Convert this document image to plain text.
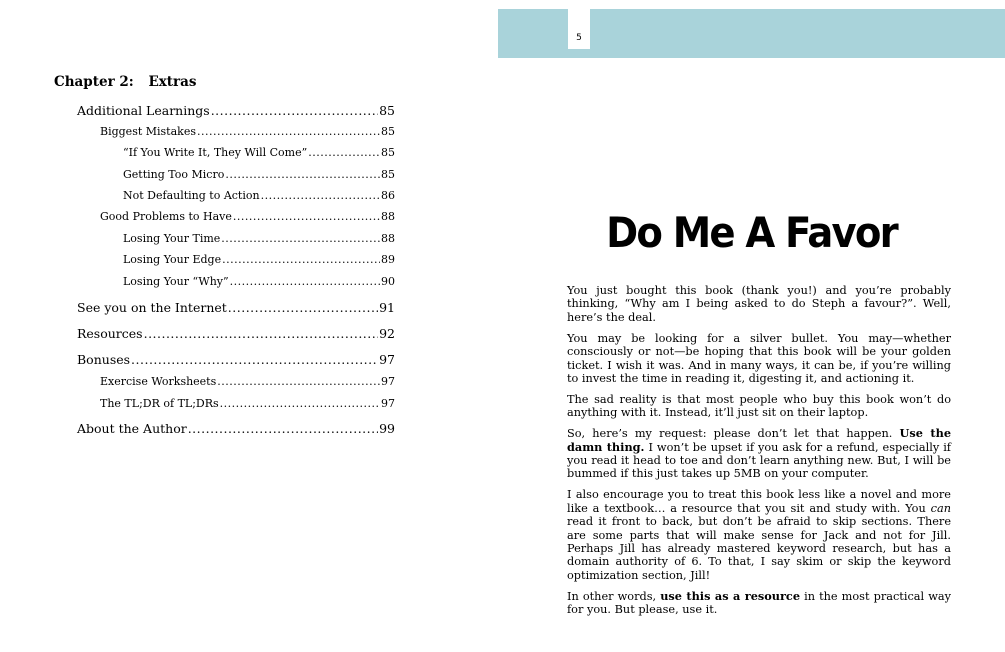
Chapter 2: Extras
Additional Learnings .....	85
Biggest Mistakes .....	85
“If You Write It, They Will Come” .....	85
Getting Too Micro .....	85
Not Defaulting to Action .....	86
Good Problems to Have .....	88
Losing Your Time .....	88
Losing Your Edge .....	89
Losing Your “Why” .....	90
See you on the Internet .....	91
Resources .....	92
Bonuses .....	97
Exercise Worksheets .....	97
The TL;DR of TL;DRs .....	97
About the Author .....	99
5
Do Me A Favor

You just bought this book (thank you!) and you’re probably thinking, “Why am I being asked to do Steph a favour?”. Well, here’s the deal.

You may be looking for a silver bullet. You may—whether consciously or not—be hoping that this book will be your golden ticket. I wish it was. And in many ways, it can be, if you’re willing to invest the time in reading it, digesting it, and actioning it.

The sad reality is that most people who buy this book won’t do anything with it. Instead, it’ll just sit on their laptop.

So, here’s my request: please don’t let that happen. Use the damn thing. I won’t be upset if you ask for a refund, especially if you read it head to toe and don’t learn anything new. But, I will be bummed if this just takes up 5MB on your computer.

I also encourage you to treat this book less like a novel and more like a textbook… a resource that you sit and study with. You can read it front to back, but don’t be afraid to skip sections. There are some parts that will make sense for Jack and not for Jill. Perhaps Jill has already mastered keyword research, but has a domain authority of 6. To that, I say skim or skip the keyword optimization section, Jill!

In other words, use this as a resource in the most practical way for you. But please, use it.
